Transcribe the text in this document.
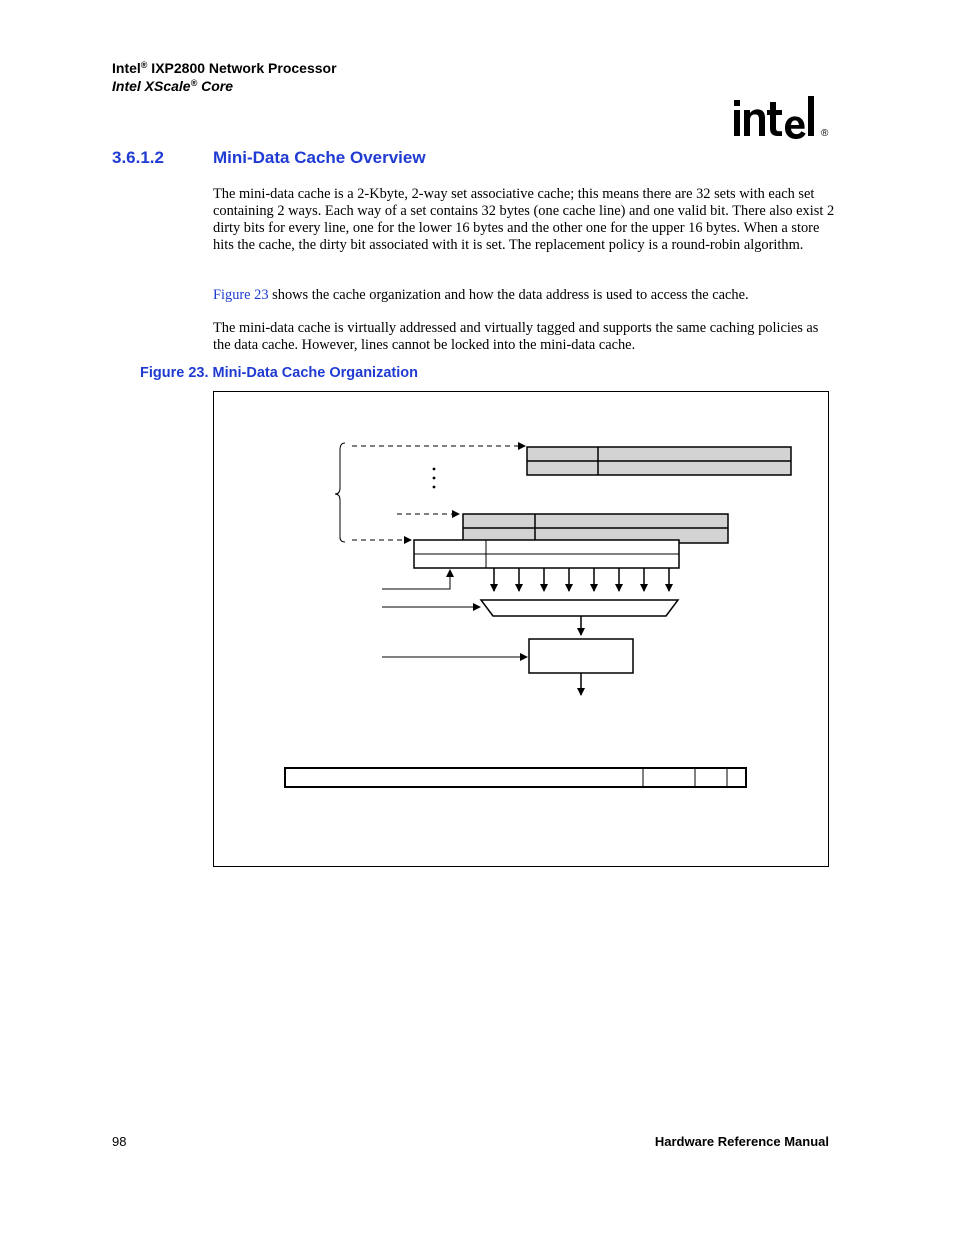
Intel® IXP2800 Network Processor
Intel XScale® Core
®
3.6.1.2	Mini-Data Cache Overview

The mini-data cache is a 2-Kbyte, 2-way set associative cache; this means there are 32 sets with each set containing 2 ways. Each way of a set contains 32 bytes (one cache line) and one valid bit. There also exist 2 dirty bits for every line, one for the lower 16 bytes and the other one for the upper 16 bytes. When a store hits the cache, the dirty bit associated with it is set. The replacement policy is a round-robin algorithm.

Figure 23 shows the cache organization and how the data address is used to access the cache.

The mini-data cache is virtually addressed and virtually tagged and supports the same caching policies as the data cache. However, lines cannot be locked into the mini-data cache.

Figure 23. Mini-Data Cache Organization
98	Hardware Reference Manual
